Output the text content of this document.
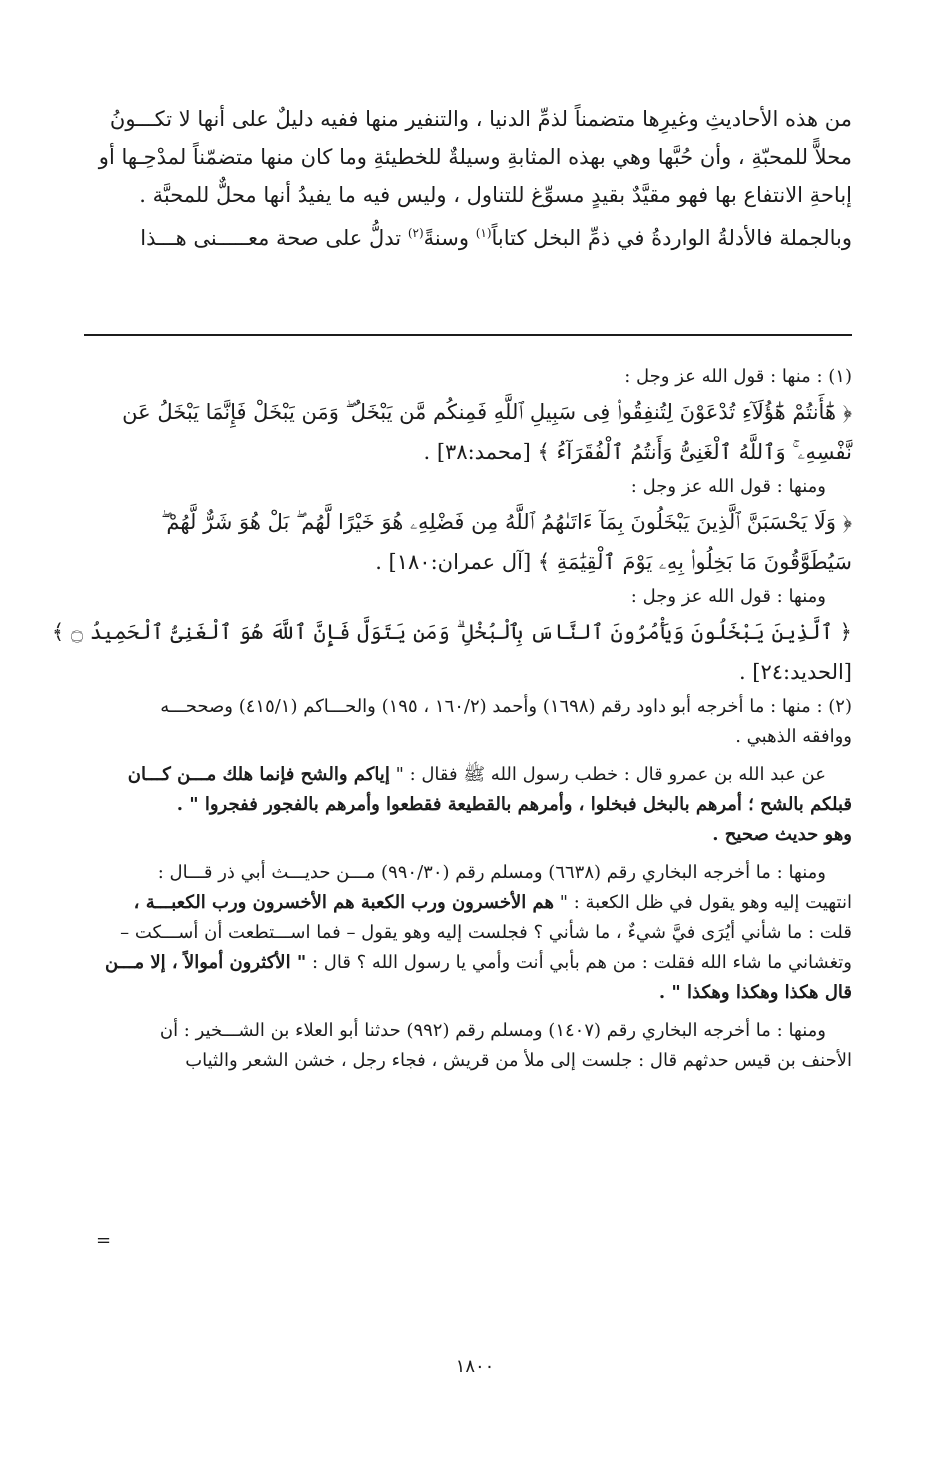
من هذه الأحاديثِ وغيرِها متضمناً لذمِّ الدنيا ، والتنفير منها ففيه دليلٌ على أنها لا تكـــونُ
محلاًّ للمحبّةِ ، وأن حُبَّها وهي بهذه المثابةِ وسيلةٌ للخطيئةِ وما كان منها متضمّناً لمدْحِـها أو
إباحةِ الانتفاع بها فهو مقيَّدٌ بقيدٍ مسوِّغ للتناول ، وليس فيه ما يفيدُ أنها محلٌّ للمحبَّة .
وبالجملة فالأدلةُ الواردةُ في ذمِّ البخل كتاباً$^{(١)}$ وسنةً$^{(٢)}$ تدلُّ على صحة معـــــنى هـــذا
(١) : منها : قول الله عز وجل :
﴿ هَٰٓأَنتُمْ هَٰٓؤُلَآءِ تُدْعَوْنَ لِتُنفِقُوا۟ فِى سَبِيلِ ٱللَّهِ فَمِنكُم مَّن يَبْخَلُ ۖ وَمَن يَبْخَلْ فَإِنَّمَا يَبْخَلُ عَن
نَّفْسِهِۦ ۚ وَٱللَّهُ ٱلْغَنِىُّ وَأَنتُمُ ٱلْفُقَرَآءُ ﴾ [محمد:٣٨] .
ومنها : قول الله عز وجل :
﴿ وَلَا يَحْسَبَنَّ ٱلَّذِينَ يَبْخَلُونَ بِمَآ ءَاتَىٰهُمُ ٱللَّهُ مِن فَضْلِهِۦ هُوَ خَيْرًا لَّهُم ۖ بَلْ هُوَ شَرٌّ لَّهُمْ ۖ
سَيُطَوَّقُونَ مَا بَخِلُوا۟ بِهِۦ يَوْمَ ٱلْقِيَٰمَةِ ﴾ [آل عمران:١٨٠] .
ومنها : قول الله عز وجل :
﴿ ٱلَّذِينَ يَبْخَلُونَ وَيَأْمُرُونَ ٱلنَّاسَ بِٱلْبُخْلِ ۗ وَمَن يَتَوَلَّ فَإِنَّ ٱللَّهَ هُوَ ٱلْغَنِىُّ ٱلْحَمِيدُ ۝ ﴾
[الحديد:٢٤] .
(٢) : منها : ما أخرجه أبو داود رقم (١٦٩٨) وأحمد (١٦٠/٢ ، ١٩٥) والحـــاكم (٤١٥/١) وصححـــه
ووافقه الذهبي .
عن عبد الله بن عمرو قال : خطب رسول الله ﷺ فقال : " إياكم والشح فإنما هلك مـــن كـــان
قبلكم بالشح ؛ أمرهم بالبخل فبخلوا ، وأمرهم بالقطيعة فقطعوا وأمرهم بالفجور ففجروا " .
وهو حديث صحيح .
ومنها : ما أخرجه البخاري رقم (٦٦٣٨) ومسلم رقم (٩٩٠/٣٠) مـــن حديـــث أبي ذر قـــال :
انتهيت إليه وهو يقول في ظل الكعبة : " هم الأخسرون ورب الكعبة هم الأخسرون ورب الكعبـــة ،
قلت : ما شأني أيُرَى فيَّ شيءٌ ، ما شأني ؟ فجلست إليه وهو يقول – فما اســـتطعت أن أســـكت –
وتغشاني ما شاء الله فقلت : من هم بأبي أنت وأمي يا رسول الله ؟ قال : " الأكثرون أموالاً ، إلا مـــن
قال هكذا وهكذا وهكذا " .
ومنها : ما أخرجه البخاري رقم (١٤٠٧) ومسلم رقم (٩٩٢) حدثنا أبو العلاء بن الشـــخير : أن
الأحنف بن قيس حدثهم قال : جلست إلى ملأ من قريش ، فجاء رجل ، خشن الشعر والثياب
=
١٨٠٠
